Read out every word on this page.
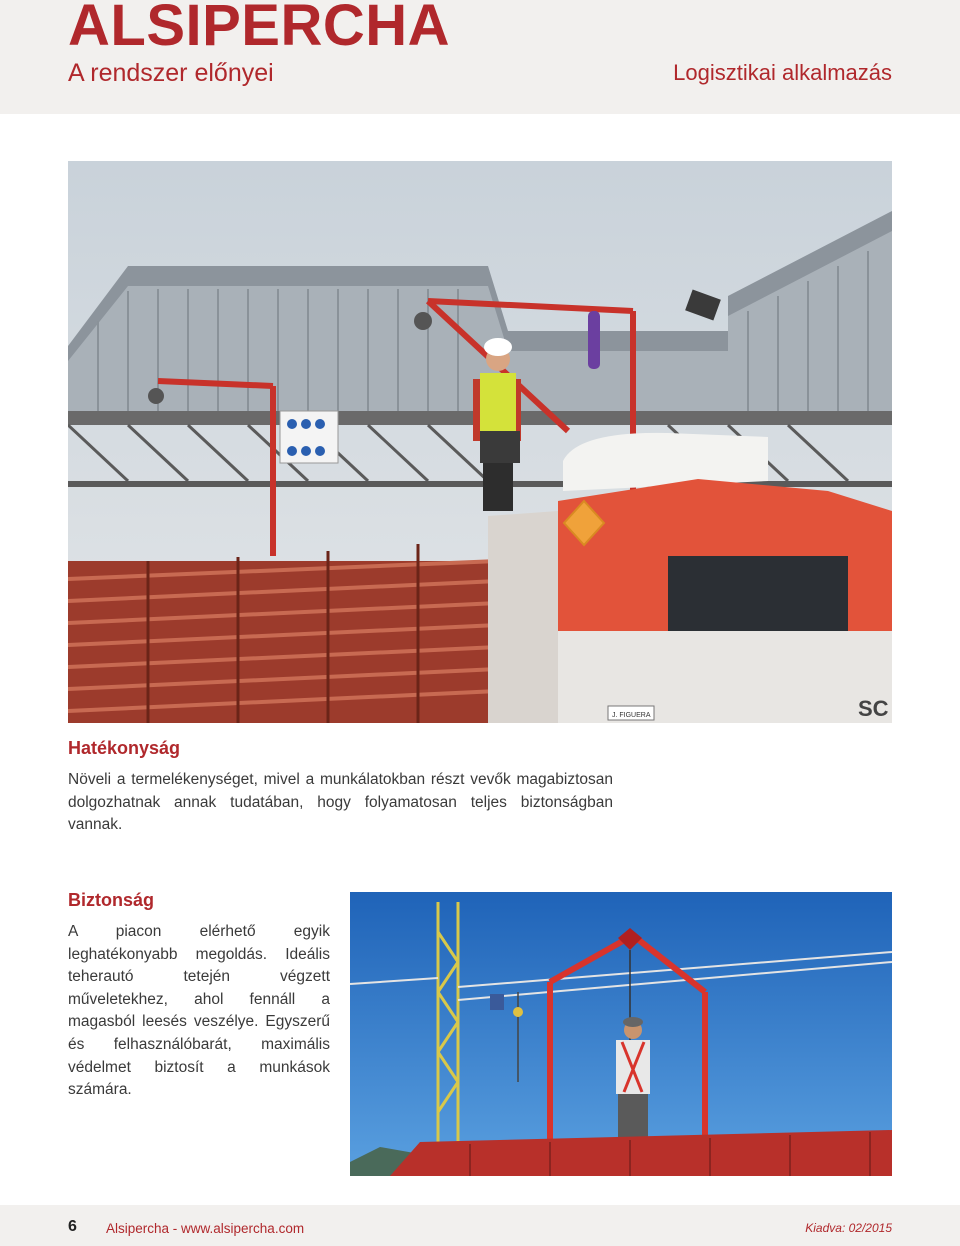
ALSIPERCHA
A rendszer előnyei	Logisztikai alkalmazás
J. FIGUERA	SC
Hatékonyság
Növeli a termelékenységet, mivel a munkálatokban részt vevők magabiztosan dolgozhatnak annak tudatában, hogy folyamatosan teljes biztonságban vannak.
Biztonság
A piacon elérhető egyik leghatékonyabb megoldás. Ideális teherautó tetején végzett műveletekhez, ahol fennáll a magasból leesés veszélye. Egyszerű és felhasználóbarát, maximális védelmet biztosít a munkások számára.
6 Alsipercha - www.alsipercha.com	Kiadva: 02/2015
